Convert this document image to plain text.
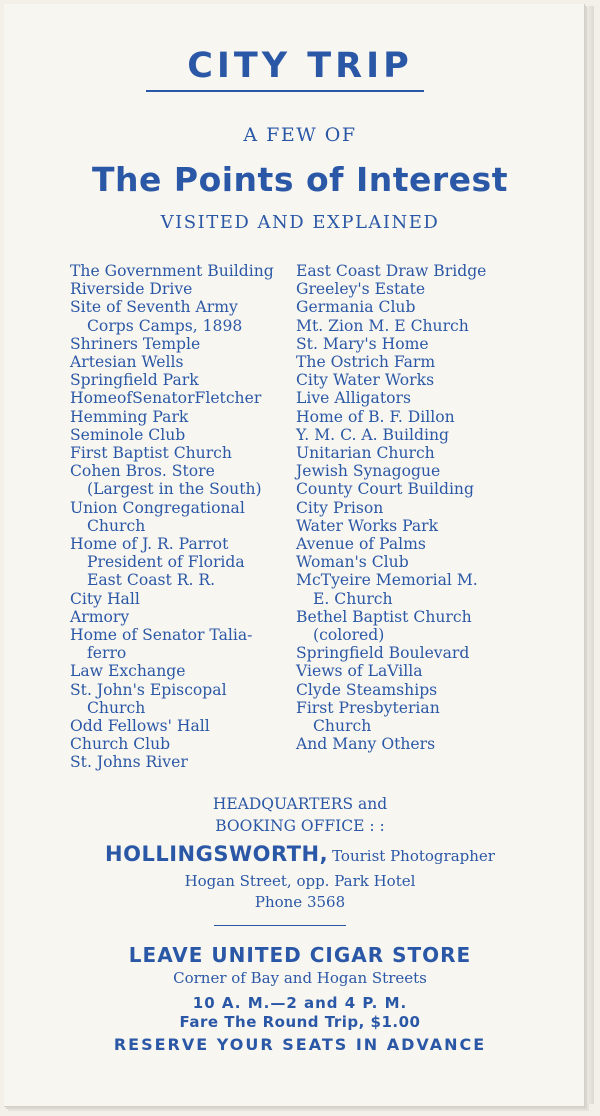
CITY TRIP
A FEW OF
The Points of Interest
VISITED AND EXPLAINED
The Government Building
Riverside Drive
Site of Seventh Army
Corps Camps, 1898
Shriners Temple
Artesian Wells
Springfield Park
HomeofSenatorFletcher
Hemming Park
Seminole Club
First Baptist Church
Cohen Bros. Store
(Largest in the South)
Union Congregational
Church
Home of J. R. Parrot
President of Florida
East Coast R. R.
City Hall
Armory
Home of Senator Talia-
ferro
Law Exchange
St. John's Episcopal
Church
Odd Fellows' Hall
Church Club
St. Johns River
East Coast Draw Bridge
Greeley's Estate
Germania Club
Mt. Zion M. E Church
St. Mary's Home
The Ostrich Farm
City Water Works
Live Alligators
Home of B. F. Dillon
Y. M. C. A. Building
Unitarian Church
Jewish Synagogue
County Court Building
City Prison
Water Works Park
Avenue of Palms
Woman's Club
McTyeire Memorial M.
E. Church
Bethel Baptist Church
(colored)
Springfield Boulevard
Views of LaVilla
Clyde Steamships
First Presbyterian
Church
And Many Others
HEADQUARTERS and
BOOKING OFFICE : :
HOLLINGSWORTH, Tourist Photographer
Hogan Street, opp. Park Hotel
Phone 3568
LEAVE UNITED CIGAR STORE
Corner of Bay and Hogan Streets
10 A. M.—2 and 4 P. M.
Fare The Round Trip, $1.00
RESERVE YOUR SEATS IN ADVANCE
